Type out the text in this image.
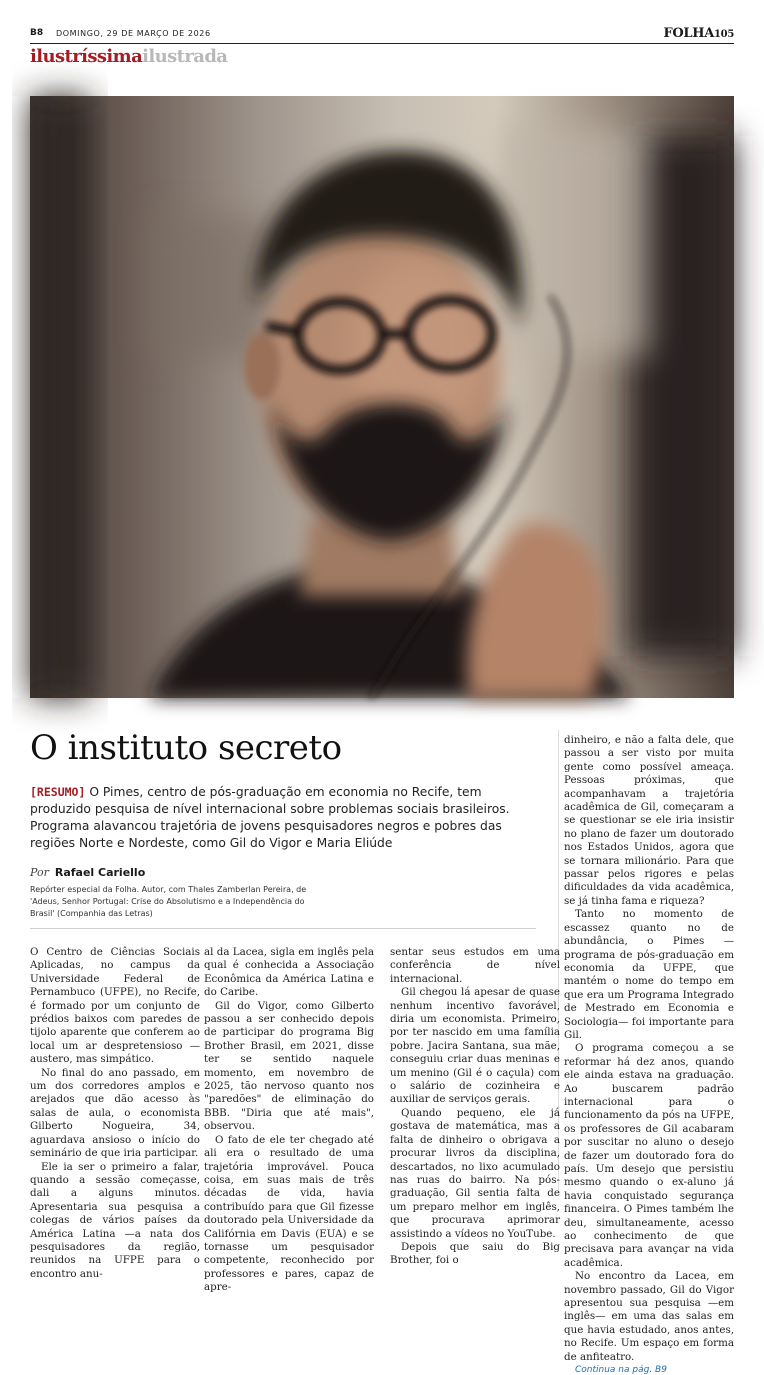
B8 DOMINGO, 29 DE MARÇO DE 2026	FOLHA105
ilustríssimailustrada
O instituto secreto

[RESUMO] O Pimes, centro de pós-graduação em economia no Recife, tem produzido pesquisa de nível internacional sobre problemas sociais brasileiros. Programa alavancou trajetória de jovens pesquisadores negros e pobres das regiões Norte e Nordeste, como Gil do Vigor e Maria Eliúde

Por Rafael Cariello

Repórter especial da Folha. Autor, com Thales Zamberlan Pereira, de 'Adeus, Senhor Portugal: Crise do Absolutismo e a Independência do Brasil' (Companhia das Letras)

O Centro de Ciências Sociais Aplicadas, no campus da Universidade Federal de Pernambuco (UFPE), no Recife, é formado por um conjunto de prédios baixos com paredes de tijolo aparente que conferem ao local um ar despretensioso —austero, mas simpático.

No final do ano passado, em um dos corredores amplos e arejados que dão acesso às salas de aula, o economista Gilberto Nogueira, 34, aguardava ansioso o início do seminário de que iria participar.

Ele ia ser o primeiro a falar, quando a sessão começasse, dali a alguns minutos. Apresentaria sua pesquisa a colegas de vários países da América Latina —a nata dos pesquisadores da região, reunidos na UFPE para o encontro anu-

al da Lacea, sigla em inglês pela qual é conhecida a Associação Econômica da América Latina e do Caribe.

Gil do Vigor, como Gilberto passou a ser conhecido depois de participar do programa Big Brother Brasil, em 2021, disse ter se sentido naquele momento, em novembro de 2025, tão nervoso quanto nos "paredões" de eliminação do BBB. "Diria que até mais", observou.

O fato de ele ter chegado até ali era o resultado de uma trajetória improvável. Pouca coisa, em suas mais de três décadas de vida, havia contribuído para que Gil fizesse doutorado pela Universidade da Califórnia em Davis (EUA) e se tornasse um pesquisador competente, reconhecido por professores e pares, capaz de apre-

sentar seus estudos em uma conferência de nível internacional.

Gil chegou lá apesar de quase nenhum incentivo favorável, diria um economista. Primeiro, por ter nascido em uma família pobre. Jacira Santana, sua mãe, conseguiu criar duas meninas e um menino (Gil é o caçula) com o salário de cozinheira e auxiliar de serviços gerais.

Quando pequeno, ele já gostava de matemática, mas a falta de dinheiro o obrigava a procurar livros da disciplina, descartados, no lixo acumulado nas ruas do bairro. Na pós-graduação, Gil sentia falta de um preparo melhor em inglês, que procurava aprimorar assistindo a vídeos no YouTube.

Depois que saiu do Big Brother, foi o

dinheiro, e não a falta dele, que passou a ser visto por muita gente como possível ameaça. Pessoas próximas, que acompanhavam a trajetória acadêmica de Gil, começaram a se questionar se ele iria insistir no plano de fazer um doutorado nos Estados Unidos, agora que se tornara milionário. Para que passar pelos rigores e pelas dificuldades da vida acadêmica, se já tinha fama e riqueza?

Tanto no momento de escassez quanto no de abundância, o Pimes —programa de pós-graduação em economia da UFPE, que mantém o nome do tempo em que era um Programa Integrado de Mestrado em Economia e Sociologia— foi importante para Gil.

O programa começou a se reformar há dez anos, quando ele ainda estava na graduação. Ao buscarem padrão internacional para o funcionamento da pós na UFPE, os professores de Gil acabaram por suscitar no aluno o desejo de fazer um doutorado fora do país. Um desejo que persistiu mesmo quando o ex-aluno já havia conquistado segurança financeira. O Pimes também lhe deu, simultaneamente, acesso ao conhecimento de que precisava para avançar na vida acadêmica.

No encontro da Lacea, em novembro passado, Gil do Vigor apresentou sua pesquisa —em inglês— em uma das salas em que havia estudado, anos antes, no Recife. Um espaço em forma de anfiteatro.

Continua na pág. B9
